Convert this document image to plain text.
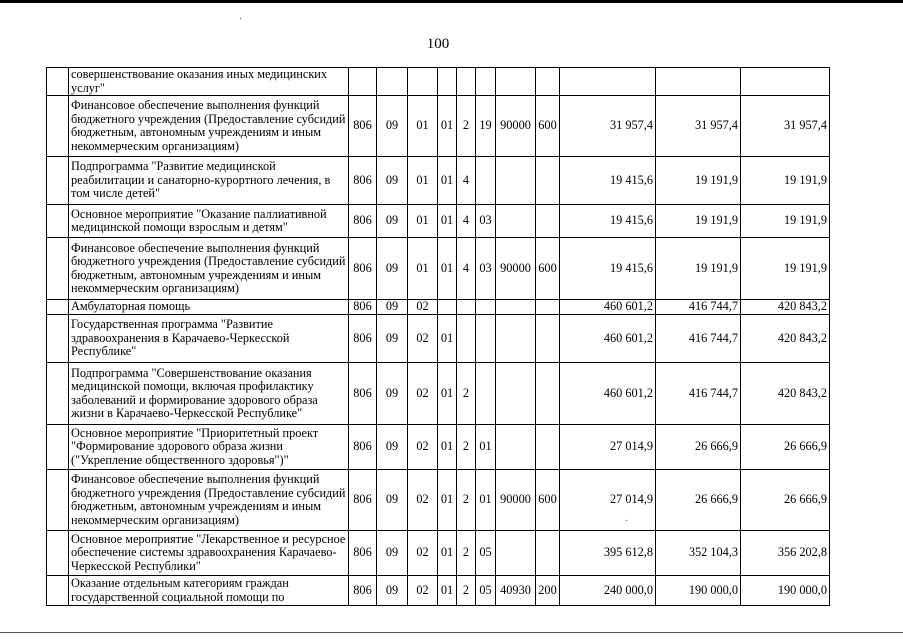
100
·
·
	совершенствование оказания иных медицинских услуг"											
	Финансовое обеспечение выполнения функций бюджетного учреждения (Предоставление субсидий бюджетным, автономным учреждениям и иным некоммерческим организациям)	806	09	01	01	2	19	90000	600	31 957,4	31 957,4	31 957,4
	Подпрограмма "Развитие медицинской реабилитации и санаторно-курортного лечения, в том числе детей"	806	09	01	01	4				19 415,6	19 191,9	19 191,9
	Основное мероприятие "Оказание паллиативной медицинской помощи взрослым и детям"	806	09	01	01	4	03			19 415,6	19 191,9	19 191,9
	Финансовое обеспечение выполнения функций бюджетного учреждения (Предоставление субсидий бюджетным, автономным учреждениям и иным некоммерческим организациям)	806	09	01	01	4	03	90000	600	19 415,6	19 191,9	19 191,9
	Амбулаторная помощь	806	09	02						460 601,2	416 744,7	420 843,2
	Государственная программа "Развитие здравоохранения в Карачаево-Черкесской Республике"	806	09	02	01					460 601,2	416 744,7	420 843,2
	Подпрограмма "Совершенствование оказания медицинской помощи, включая профилактику заболеваний и формирование здорового образа жизни в Карачаево-Черкесской Республике"	806	09	02	01	2				460 601,2	416 744,7	420 843,2
	Основное мероприятие "Приоритетный проект "Формирование здорового образа жизни ("Укрепление общественного здоровья")"	806	09	02	01	2	01			27 014,9	26 666,9	26 666,9
	Финансовое обеспечение выполнения функций бюджетного учреждения (Предоставление субсидий бюджетным, автономным учреждениям и иным некоммерческим организациям)	806	09	02	01	2	01	90000	600	27 014,9	26 666,9	26 666,9
	Основное мероприятие "Лекарственное и ресурсное обеспечение системы здравоохранения Карачаево-Черкесской Республики"	806	09	02	01	2	05			395 612,8	352 104,3	356 202,8
	Оказание отдельным категориям граждан государственной социальной помощи по	806	09	02	01	2	05	40930	200	240 000,0	190 000,0	190 000,0
